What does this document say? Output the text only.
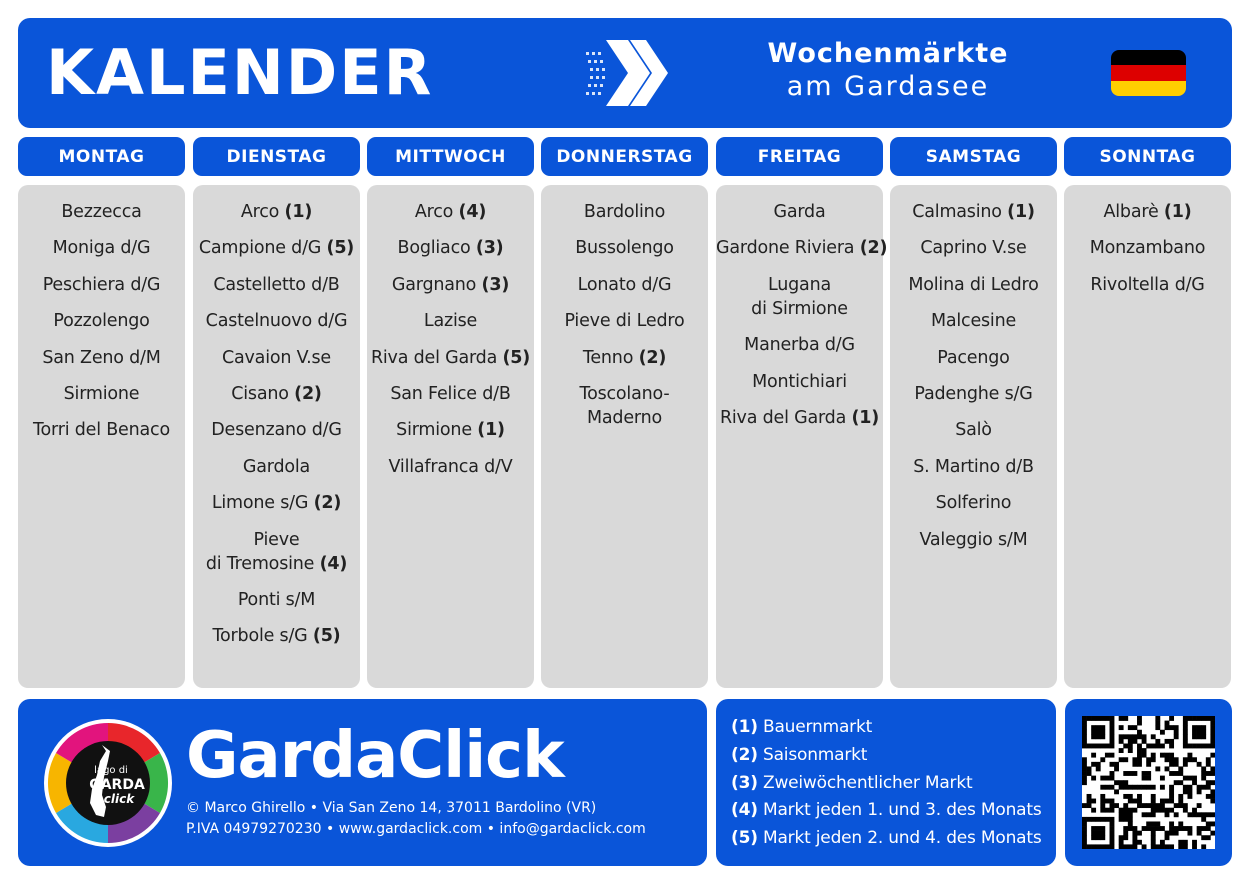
KALENDER	Wochenmärkte
am Gardasee
MONTAG
Bezzecca
Moniga d/G
Peschiera d/G
Pozzolengo
San Zeno d/M
Sirmione
Torri del Benaco
DIENSTAG
Arco (1)
Campione d/G (5)
Castelletto d/B
Castelnuovo d/G
Cavaion V.se
Cisano (2)
Desenzano d/G
Gardola
Limone s/G (2)
Pieve
di Tremosine (4)
Ponti s/M
Torbole s/G (5)
MITTWOCH
Arco (4)
Bogliaco (3)
Gargnano (3)
Lazise
Riva del Garda (5)
San Felice d/B
Sirmione (1)
Villafranca d/V
DONNERSTAG
Bardolino
Bussolengo
Lonato d/G
Pieve di Ledro
Tenno (2)
Toscolano-
Maderno
FREITAG
Garda
Gardone Riviera (2)
Lugana
di Sirmione
Manerba d/G
Montichiari
Riva del Garda (1)
SAMSTAG
Calmasino (1)
Caprino V.se
Molina di Ledro
Malcesine
Pacengo
Padenghe s/G
Salò
S. Martino d/B
Solferino
Valeggio s/M
SONNTAG
Albarè (1)
Monzambano
Rivoltella d/G
lago di
GARDA
click
GardaClick
© Marco Ghirello • Via San Zeno 14, 37011 Bardolino (VR)
P.IVA 04979270230 • www.gardaclick.com • info@gardaclick.com
(1) Bauernmarkt
(2) Saisonmarkt
(3) Zweiwöchentlicher Markt
(4) Markt jeden 1. und 3. des Monats
(5) Markt jeden 2. und 4. des Monats
